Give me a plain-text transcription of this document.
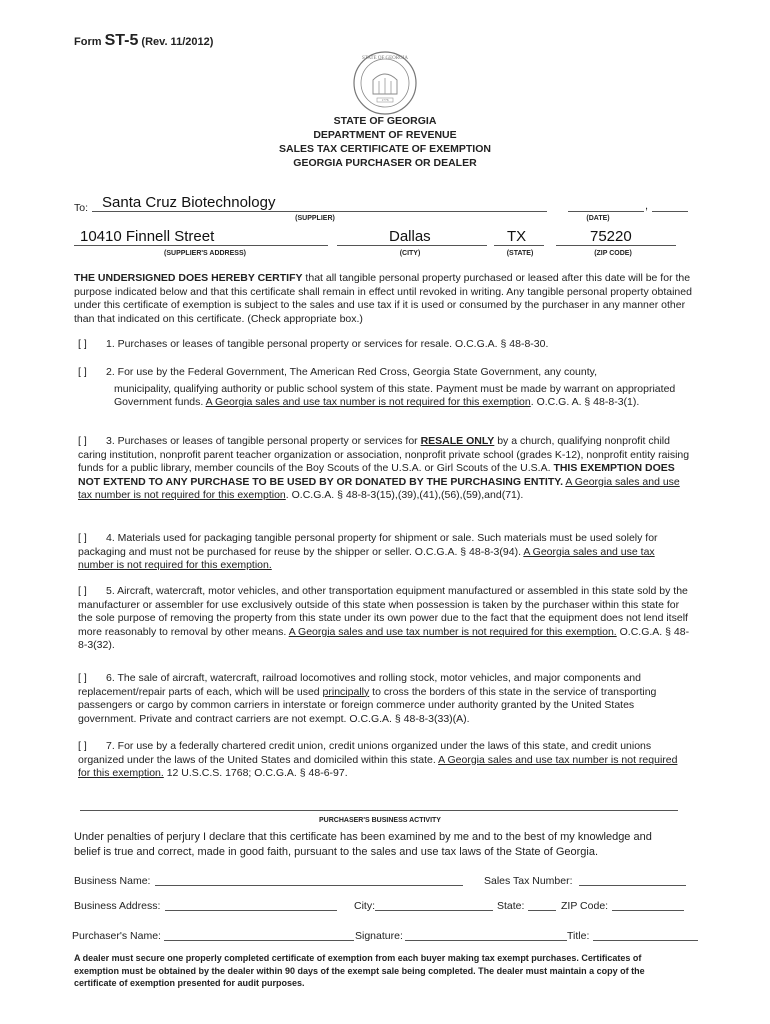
Form ST-5 (Rev. 11/2012)
STATE OF GEORGIA
1776
STATE OF GEORGIA
DEPARTMENT OF REVENUE
SALES TAX CERTIFICATE OF EXEMPTION
GEORGIA PURCHASER OR DEALER
To: Santa Cruz Biotechnology	,
(SUPPLIER)	(DATE)
10410 Finnell Street	Dallas	TX	75220
(SUPPLIER'S ADDRESS)	(CITY)	(STATE)	(ZIP CODE)
THE UNDERSIGNED DOES HEREBY CERTIFY that all tangible personal property purchased or leased after this date will be for the purpose indicated below and that this certificate shall remain in effect until revoked in writing. Any tangible personal property obtained under this certificate of exemption is subject to the sales and use tax if it is used or consumed by the purchaser in any manner other than that indicated on this certificate. (Check appropriate box.)
[ ] 1. Purchases or leases of tangible personal property or services for resale. O.C.G.A. § 48-8-30.
[ ] 2. For use by the Federal Government, The American Red Cross, Georgia State Government, any county,
municipality, qualifying authority or public school system of this state. Payment must be made by warrant on appropriated Government funds. A Georgia sales and use tax number is not required for this exemption. O.C.G. A. § 48-8-3(1).
[ ] 3. Purchases or leases of tangible personal property or services for RESALE ONLY by a church, qualifying nonprofit child caring institution, nonprofit parent teacher organization or association, nonprofit private school (grades K-12), nonprofit entity raising funds for a public library, member councils of the Boy Scouts of the U.S.A. or Girl Scouts of the U.S.A. THIS EXEMPTION DOES NOT EXTEND TO ANY PURCHASE TO BE USED BY OR DONATED BY THE PURCHASING ENTITY. A Georgia sales and use tax number is not required for this exemption. O.C.G.A. § 48-8-3(15),(39),(41),(56),(59),and(71).
[ ] 4. Materials used for packaging tangible personal property for shipment or sale. Such materials must be used solely for packaging and must not be purchased for reuse by the shipper or seller. O.C.G.A. § 48-8-3(94). A Georgia sales and use tax number is not required for this exemption.
[ ] 5. Aircraft, watercraft, motor vehicles, and other transportation equipment manufactured or assembled in this state sold by the manufacturer or assembler for use exclusively outside of this state when possession is taken by the purchaser within this state for the sole purpose of removing the property from this state under its own power due to the fact that the equipment does not lend itself more reasonably to removal by other means. A Georgia sales and use tax number is not required for this exemption. O.C.G.A. § 48-8-3(32).
[ ] 6. The sale of aircraft, watercraft, railroad locomotives and rolling stock, motor vehicles, and major components and replacement/repair parts of each, which will be used principally to cross the borders of this state in the service of transporting passengers or cargo by common carriers in interstate or foreign commerce under authority granted by the United States government. Private and contract carriers are not exempt. O.C.G.A. § 48-8-3(33)(A).
[ ] 7. For use by a federally chartered credit union, credit unions organized under the laws of this state, and credit unions organized under the laws of the United States and domiciled within this state. A Georgia sales and use tax number is not required for this exemption. 12 U.S.C.S. 1768; O.C.G.A. § 48-6-97.
PURCHASER'S BUSINESS ACTIVITY
Under penalties of perjury I declare that this certificate has been examined by me and to the best of my knowledge and belief is true and correct, made in good faith, pursuant to the sales and use tax laws of the State of Georgia.
Business Name:	Sales Tax Number:
Business Address:	City:	State:	ZIP Code:
Purchaser's Name:	Signature:	Title:
A dealer must secure one properly completed certificate of exemption from each buyer making tax exempt purchases. Certificates of exemption must be obtained by the dealer within 90 days of the exempt sale being completed. The dealer must maintain a copy of the certificate of exemption presented for audit purposes.
